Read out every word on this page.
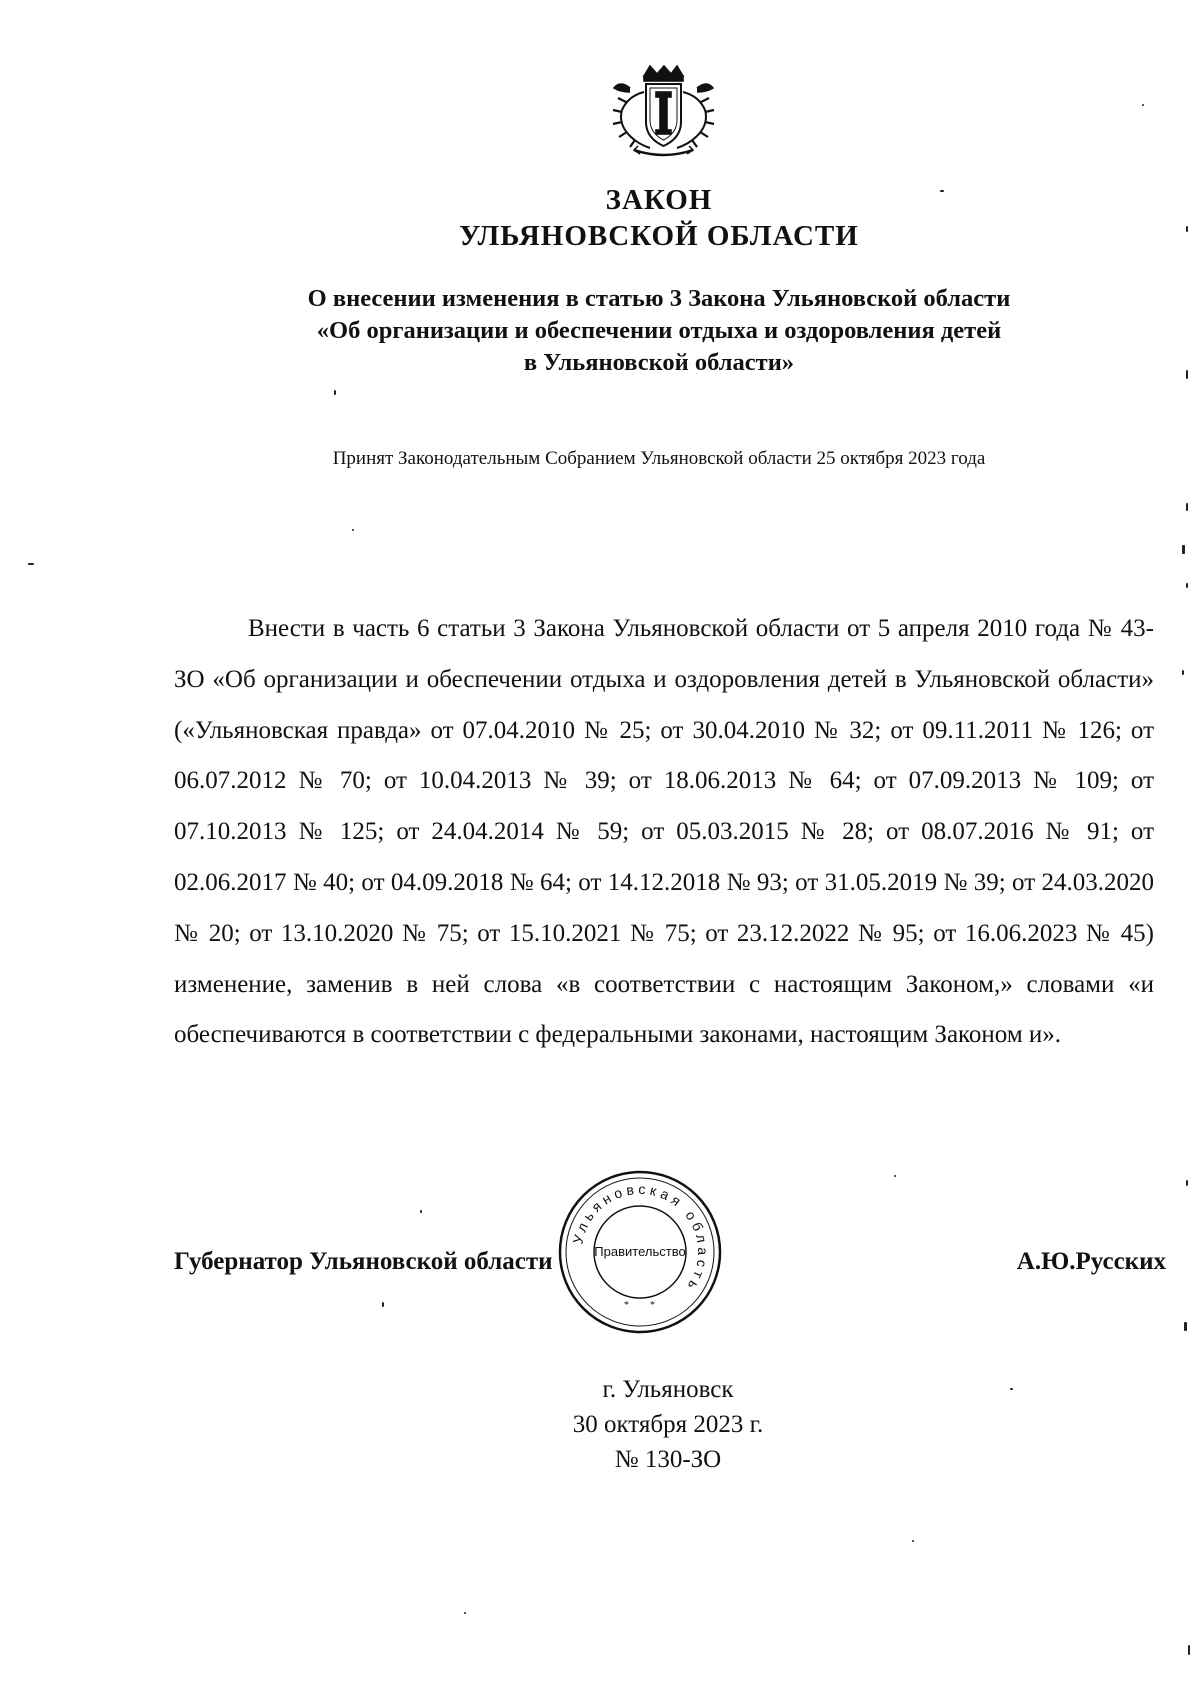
ЗАКОН
УЛЬЯНОВСКОЙ ОБЛАСТИ
О внесении изменения в статью 3 Закона Ульяновской области
«Об организации и обеспечении отдыха и оздоровления детей
в Ульяновской области»
Принят Законодательным Собранием Ульяновской области 25 октября 2023 года

Внести в часть 6 статьи 3 Закона Ульяновской области от 5 апреля 2010 года № 43-ЗО «Об организации и обеспечении отдыха и оздоровления детей в Ульяновской области» («Ульяновская правда» от 07.04.2010 № 25; от 30.04.2010 № 32; от 09.11.2011 № 126; от 06.07.2012 № 70; от 10.04.2013 № 39; от 18.06.2013 № 64; от 07.09.2013 № 109; от 07.10.2013 № 125; от 24.04.2014 № 59; от 05.03.2015 № 28; от 08.07.2016 № 91; от 02.06.2017 № 40; от 04.09.2018 № 64; от 14.12.2018 № 93; от 31.05.2019 № 39; от 24.03.2020 № 20; от 13.10.2020 № 75; от 15.10.2021 № 75; от 23.12.2022 № 95; от 16.06.2023 № 45) изменение, заменив в ней слова «в соответствии с настоящим Законом,» словами «и обеспечиваются в соответствии с федеральными законами, настоящим Законом и».

Губернатор Ульяновской области	А.Ю.Русских
Ульяновская область
Правительство
* *
г. Ульяновск
30 октября 2023 г.
№ 130-ЗО
